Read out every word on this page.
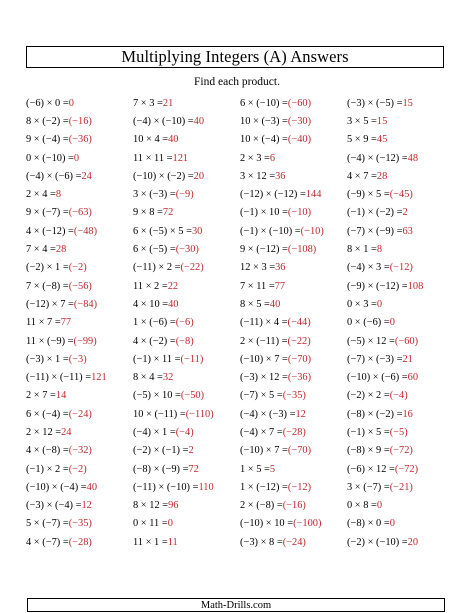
Multiplying Integers (A) Answers
Find each product.
(−6) × 0 = 0	7 × 3 = 21	6 × (−10) = (−60)	(−3) × (−5) = 15
8 × (−2) = (−16)	(−4) × (−10) = 40	10 × (−3) = (−30)	3 × 5 = 15
9 × (−4) = (−36)	10 × 4 = 40	10 × (−4) = (−40)	5 × 9 = 45
0 × (−10) = 0	11 × 11 = 121	2 × 3 = 6	(−4) × (−12) = 48
(−4) × (−6) = 24	(−10) × (−2) = 20	3 × 12 = 36	4 × 7 = 28
2 × 4 = 8	3 × (−3) = (−9)	(−12) × (−12) = 144 (−9) × 5 = (−45)
9 × (−7) = (−63)	9 × 8 = 72	(−1) × 10 = (−10)	(−1) × (−2) = 2
4 × (−12) = (−48)	6 × (−5) × 5 = 30	(−1) × (−10) = (−10) (−7) × (−9) = 63
7 × 4 = 28	6 × (−5) = (−30)	9 × (−12) = (−108)	8 × 1 = 8
(−2) × 1 = (−2)	(−11) × 2 = (−22)	12 × 3 = 36	(−4) × 3 = (−12)
7 × (−8) = (−56)	11 × 2 = 22	7 × 11 = 77	(−9) × (−12) = 108
(−12) × 7 = (−84)	4 × 10 = 40	8 × 5 = 40	0 × 3 = 0
11 × 7 = 77	1 × (−6) = (−6)	(−11) × 4 = (−44)	0 × (−6) = 0
11 × (−9) = (−99)	4 × (−2) = (−8)	2 × (−11) = (−22)	(−5) × 12 = (−60)
(−3) × 1 = (−3)	(−1) × 11 = (−11)	(−10) × 7 = (−70)	(−7) × (−3) = 21
(−11) × (−11) = 121	8 × 4 = 32	(−3) × 12 = (−36)	(−10) × (−6) = 60
2 × 7 = 14	(−5) × 10 = (−50)	(−7) × 5 = (−35)	(−2) × 2 = (−4)
6 × (−4) = (−24)	10 × (−11) = (−110)	(−4) × (−3) = 12	(−8) × (−2) = 16
2 × 12 = 24	(−4) × 1 = (−4)	(−4) × 7 = (−28)	(−1) × 5 = (−5)
4 × (−8) = (−32)	(−2) × (−1) = 2	(−10) × 7 = (−70)	(−8) × 9 = (−72)
(−1) × 2 = (−2)	(−8) × (−9) = 72	1 × 5 = 5	(−6) × 12 = (−72)
(−10) × (−4) = 40	(−11) × (−10) = 110	1 × (−12) = (−12)	3 × (−7) = (−21)
(−3) × (−4) = 12	8 × 12 = 96	2 × (−8) = (−16)	0 × 8 = 0
5 × (−7) = (−35)	0 × 11 = 0	(−10) × 10 = (−100) (−8) × 0 = 0
4 × (−7) = (−28)	11 × 1 = 11	(−3) × 8 = (−24)	(−2) × (−10) = 20
Math-Drills.com
